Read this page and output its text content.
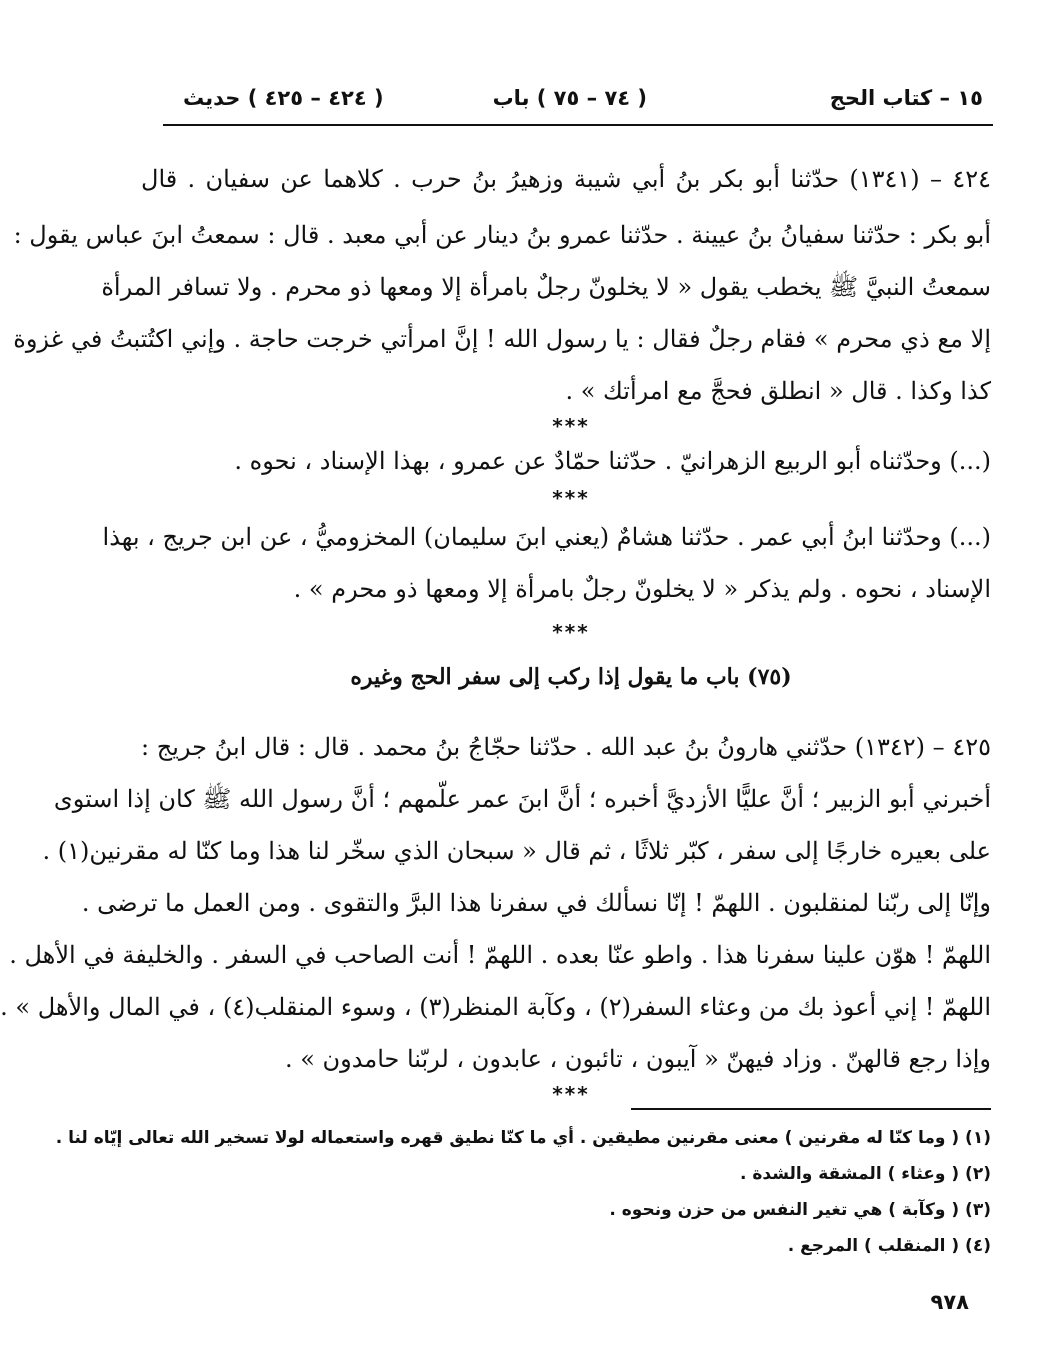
١٥ – كتاب الحج
( ٧٤ – ٧٥ ) باب
( ٤٢٤ – ٤٢٥ ) حديث
٤٢٤ – (١٣٤١) حدّثنا أبو بكر بنُ أبي شيبة وزهيرُ بنُ حرب . كلاهما عن سفيان . قال
أبو بكر : حدّثنا سفيانُ بنُ عيينة . حدّثنا عمرو بنُ دينار عن أبي معبد . قال : سمعتُ ابنَ عباس يقول :
سمعتُ النبيَّ ﷺ يخطب يقول « لا يخلونّ رجلٌ بامرأة إلا ومعها ذو محرم . ولا تسافر المرأة
إلا مع ذي محرم » فقام رجلٌ فقال : يا رسول الله ! إنَّ امرأتي خرجت حاجة . وإني اكتُتبتُ في غزوة
كذا وكذا . قال « انطلق فحجَّ مع امرأتك » .
***
(...) وحدّثناه أبو الربيع الزهرانيّ . حدّثنا حمّادٌ عن عمرو ، بهذا الإسناد ، نحوه .
***
(...) وحدّثنا ابنُ أبي عمر . حدّثنا هشامٌ (يعني ابنَ سليمان) المخزوميُّ ، عن ابن جريج ، بهذا
الإسناد ، نحوه . ولم يذكر « لا يخلونّ رجلٌ بامرأة إلا ومعها ذو محرم » .
***
(٧٥) باب ما يقول إذا ركب إلى سفر الحج وغيره
٤٢٥ – (١٣٤٢) حدّثني هارونُ بنُ عبد الله . حدّثنا حجّاجُ بنُ محمد . قال : قال ابنُ جريج :
أخبرني أبو الزبير ؛ أنَّ عليًّا الأزديَّ أخبره ؛ أنَّ ابنَ عمر علّمهم ؛ أنَّ رسول الله ﷺ كان إذا استوى
على بعيره خارجًا إلى سفر ، كبّر ثلاثًا ، ثم قال « سبحان الذي سخّر لنا هذا وما كنّا له مقرنين(١) .
وإنّا إلى ربّنا لمنقلبون . اللهمّ ! إنّا نسألك في سفرنا هذا البرَّ والتقوى . ومن العمل ما ترضى .
اللهمّ ! هوّن علينا سفرنا هذا . واطو عنّا بعده . اللهمّ ! أنت الصاحب في السفر . والخليفة في الأهل .
اللهمّ ! إني أعوذ بك من وعثاء السفر(٢) ، وكآبة المنظر(٣) ، وسوء المنقلب(٤) ، في المال والأهل » .
وإذا رجع قالهنّ . وزاد فيهنّ « آيبون ، تائبون ، عابدون ، لربّنا حامدون » .
***
(١) ( وما كنّا له مقرنين ) معنى مقرنين مطيقين . أي ما كنّا نطيق قهره واستعماله لولا تسخير الله تعالى إيّاه لنا .
(٢) ( وعثاء ) المشقة والشدة .
(٣) ( وكآبة ) هي تغير النفس من حزن ونحوه .
(٤) ( المنقلب ) المرجع .
٩٧٨
